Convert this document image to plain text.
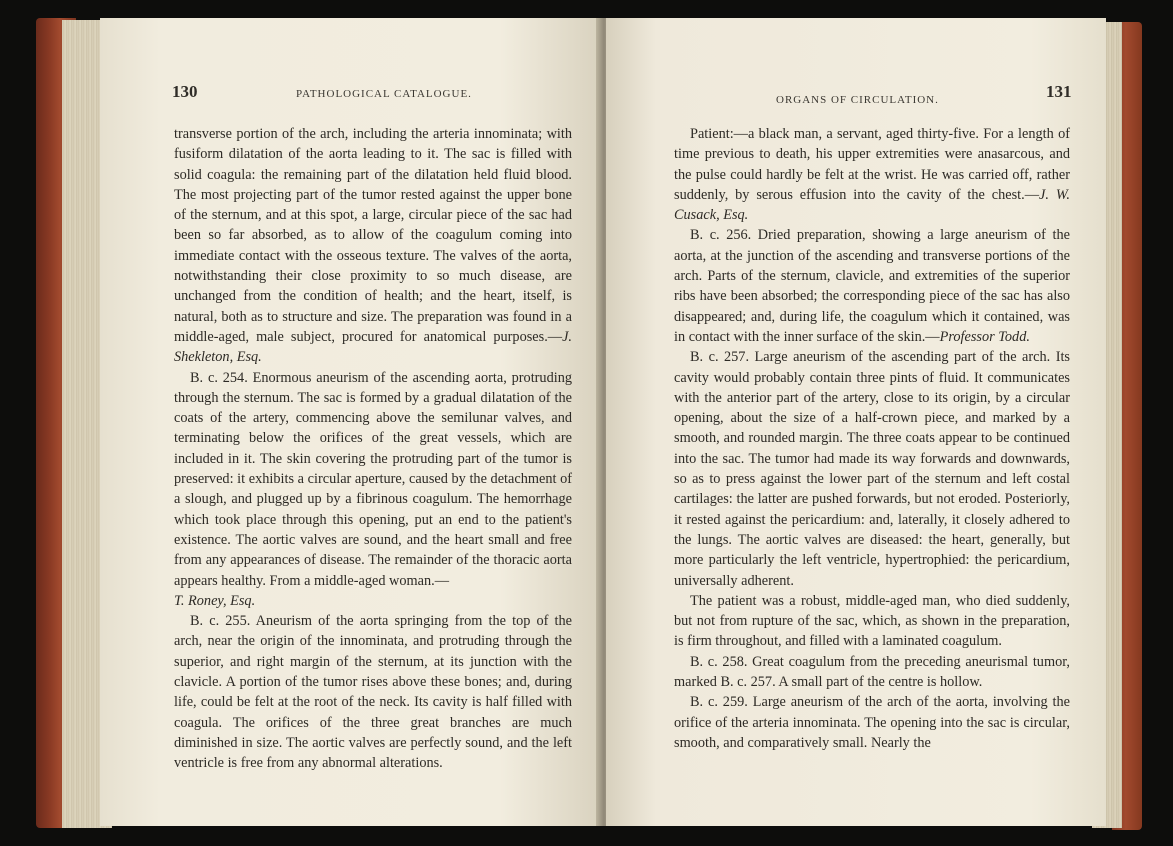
130	PATHOLOGICAL CATALOGUE.

transverse portion of the arch, including the arteria innominata; with fusiform dilatation of the aorta leading to it. The sac is filled with solid coagula: the remaining part of the dilatation held fluid blood. The most projecting part of the tumor rested against the upper bone of the sternum, and at this spot, a large, circular piece of the sac had been so far absorbed, as to allow of the coagulum coming into immediate contact with the osseous texture. The valves of the aorta, notwithstanding their close proximity to so much disease, are unchanged from the condition of health; and the heart, itself, is natural, both as to structure and size. The preparation was found in a middle-aged, male subject, procured for anatomical purposes.—J. Shekleton, Esq.

B. c. 254. Enormous aneurism of the ascending aorta, protruding through the sternum. The sac is formed by a gradual dilatation of the coats of the artery, commencing above the semilunar valves, and terminating below the orifices of the great vessels, which are included in it. The skin covering the protruding part of the tumor is preserved: it exhibits a circular aperture, caused by the detachment of a slough, and plugged up by a fibrinous coagulum. The hemorrhage which took place through this opening, put an end to the patient's existence. The aortic valves are sound, and the heart small and free from any appearances of disease. The remainder of the thoracic aorta appears healthy. From a middle-aged woman.—
T. Roney, Esq.

B. c. 255. Aneurism of the aorta springing from the top of the arch, near the origin of the innominata, and protruding through the superior, and right margin of the sternum, at its junction with the clavicle. A portion of the tumor rises above these bones; and, during life, could be felt at the root of the neck. Its cavity is half filled with coagula. The orifices of the three great branches are much diminished in size. The aortic valves are perfectly sound, and the left ventricle is free from any abnormal alterations.

ORGANS OF CIRCULATION.	131

Patient:—a black man, a servant, aged thirty-five. For a length of time previous to death, his upper extremities were anasarcous, and the pulse could hardly be felt at the wrist. He was carried off, rather suddenly, by serous effusion into the cavity of the chest.—J. W. Cusack, Esq.

B. c. 256. Dried preparation, showing a large aneurism of the aorta, at the junction of the ascending and transverse portions of the arch. Parts of the sternum, clavicle, and extremities of the superior ribs have been absorbed; the corresponding piece of the sac has also disappeared; and, during life, the coagulum which it contained, was in contact with the inner surface of the skin.—Professor Todd.

B. c. 257. Large aneurism of the ascending part of the arch. Its cavity would probably contain three pints of fluid. It communicates with the anterior part of the artery, close to its origin, by a circular opening, about the size of a half-crown piece, and marked by a smooth, and rounded margin. The three coats appear to be continued into the sac. The tumor had made its way forwards and downwards, so as to press against the lower part of the sternum and left costal cartilages: the latter are pushed forwards, but not eroded. Posteriorly, it rested against the pericardium: and, laterally, it closely adhered to the lungs. The aortic valves are diseased: the heart, generally, but more particularly the left ventricle, hypertrophied: the pericardium, universally adherent.

The patient was a robust, middle-aged man, who died suddenly, but not from rupture of the sac, which, as shown in the preparation, is firm throughout, and filled with a laminated coagulum.

B. c. 258. Great coagulum from the preceding aneurismal tumor, marked B. c. 257. A small part of the centre is hollow.

B. c. 259. Large aneurism of the arch of the aorta, involving the orifice of the arteria innominata. The opening into the sac is circular, smooth, and comparatively small. Nearly the
